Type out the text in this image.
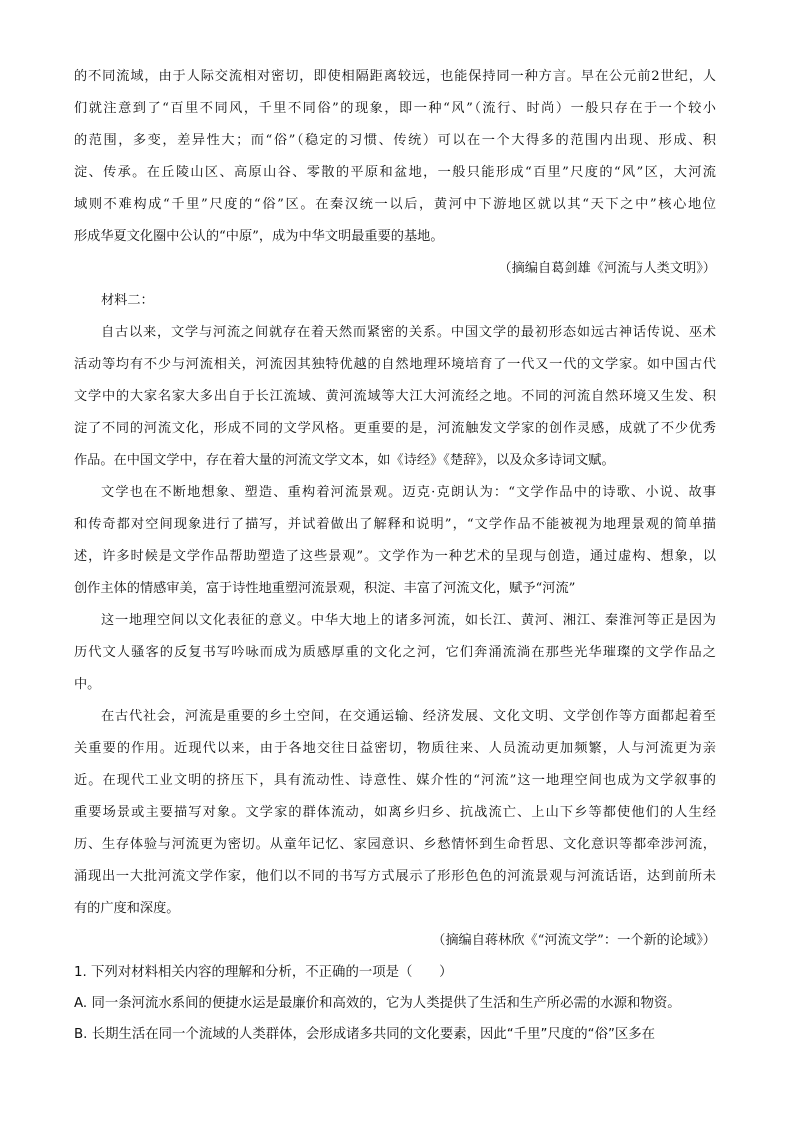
的不同流域，由于人际交流相对密切，即使相隔距离较远，也能保持同一种方言。早在公元前2世纪，人
们就注意到了“百里不同风，千里不同俗”的现象，即一种“风”（流行、时尚）一般只存在于一个较小
的范围，多变，差异性大；而“俗”（稳定的习惯、传统）可以在一个大得多的范围内出现、形成、积
淀、传承。在丘陵山区、高原山谷、零散的平原和盆地，一般只能形成“百里”尺度的“风”区，大河流
域则不难构成“千里”尺度的“俗”区。在秦汉统一以后，黄河中下游地区就以其“天下之中”核心地位
形成华夏文化圈中公认的“中原”，成为中华文明最重要的基地。
（摘编自葛剑雄《河流与人类文明》）
材料二：
自古以来，文学与河流之间就存在着天然而紧密的关系。中国文学的最初形态如远古神话传说、巫术
活动等均有不少与河流相关，河流因其独特优越的自然地理环境培育了一代又一代的文学家。如中国古代
文学中的大家名家大多出自于长江流域、黄河流域等大江大河流经之地。不同的河流自然环境又生发、积
淀了不同的河流文化，形成不同的文学风格。更重要的是，河流触发文学家的创作灵感，成就了不少优秀
作品。在中国文学中，存在着大量的河流文学文本，如《诗经》《楚辞》，以及众多诗词文赋。
文学也在不断地想象、塑造、重构着河流景观。迈克·克朗认为：“文学作品中的诗歌、小说、故事
和传奇都对空间现象进行了描写，并试着做出了解释和说明”，“文学作品不能被视为地理景观的简单描
述，许多时候是文学作品帮助塑造了这些景观”。文学作为一种艺术的呈现与创造，通过虚构、想象，以
创作主体的情感审美，富于诗性地重塑河流景观，积淀、丰富了河流文化，赋予“河流”
这一地理空间以文化表征的意义。中华大地上的诸多河流，如长江、黄河、湘江、秦淮河等正是因为
历代文人骚客的反复书写吟咏而成为质感厚重的文化之河，它们奔涌流淌在那些光华璀璨的文学作品之
中。
在古代社会，河流是重要的乡土空间，在交通运输、经济发展、文化文明、文学创作等方面都起着至
关重要的作用。近现代以来，由于各地交往日益密切，物质往来、人员流动更加频繁，人与河流更为亲
近。在现代工业文明的挤压下，具有流动性、诗意性、媒介性的“河流”这一地理空间也成为文学叙事的
重要场景或主要描写对象。文学家的群体流动，如离乡归乡、抗战流亡、上山下乡等都使他们的人生经
历、生存体验与河流更为密切。从童年记忆、家园意识、乡愁情怀到生命哲思、文化意识等都牵涉河流，
涌现出一大批河流文学作家，他们以不同的书写方式展示了形形色色的河流景观与河流话语，达到前所未
有的广度和深度。
（摘编自蒋林欣《“河流文学”：一个新的论域》）
1. 下列对材料相关内容的理解和分析，不正确的一项是（　　）
A. 同一条河流水系间的便捷水运是最廉价和高效的，它为人类提供了生活和生产所必需的水源和物资。
B. 长期生活在同一个流域的人类群体，会形成诸多共同的文化要素，因此“千里”尺度的“俗”区多在
